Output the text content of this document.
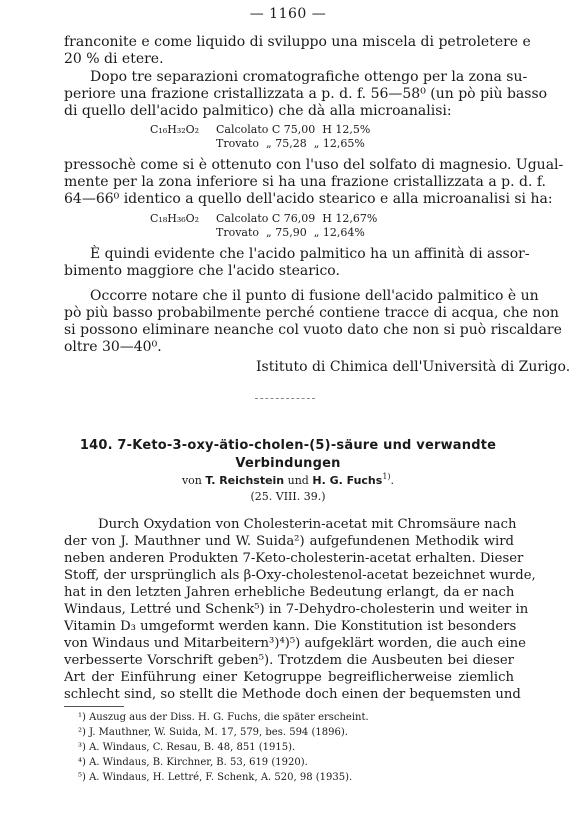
— 1160 —
franconite e come liquido di sviluppo una miscela di petroletere e
20 % di etere.
Dopo tre separazioni cromatografiche ottengo per la zona su-
periore una frazione cristallizzata a p. d. f. 56—58⁰ (un pò più basso
di quello dell'acido palmitico) che dà alla microanalisi:
C₁₆H₃₂O₂ Calcolato C 75,00  H 12,5%
Trovato  „ 75,28  „ 12,65%
pressochè come si è ottenuto con l'uso del solfato di magnesio. Ugual-
mente per la zona inferiore si ha una frazione cristallizzata a p. d. f.
64—66⁰ identico a quello dell'acido stearico e alla microanalisi si ha:
C₁₈H₃₆O₂ Calcolato C 76,09  H 12,67%
Trovato  „ 75,90  „ 12,64%
È quindi evidente che l'acido palmitico ha un affinità di assor-
bimento maggiore che l'acido stearico.
Occorre notare che il punto di fusione dell'acido palmitico è un
pò più basso probabilmente perché contiene tracce di acqua, che non
si possono eliminare neanche col vuoto dato che non si può riscaldare
oltre 30—40⁰.
Istituto di Chimica dell'Università di Zurigo.
140. 7-Keto-3-oxy-ätio-cholen-(5)-säure und verwandte
Verbindungen
von T. Reichstein und H. G. Fuchs$^{1)}$.
(25. VIII. 39.)
Durch Oxydation von Cholesterin-acetat mit Chromsäure nach
der von J. Mauthner und W. Suida²) aufgefundenen Methodik wird
neben anderen Produkten 7-Keto-cholesterin-acetat erhalten. Dieser
Stoff, der ursprünglich als β-Oxy-cholestenol-acetat bezeichnet wurde,
hat in den letzten Jahren erhebliche Bedeutung erlangt, da er nach
Windaus, Lettré und Schenk⁵) in 7-Dehydro-cholesterin und weiter in
Vitamin D₃ umgeformt werden kann. Die Konstitution ist besonders
von Windaus und Mitarbeitern³)⁴)⁵) aufgeklärt worden, die auch eine
verbesserte Vorschrift geben⁵). Trotzdem die Ausbeuten bei dieser
Art der Einführung einer Ketogruppe begreiflicherweise ziemlich
schlecht sind, so stellt die Methode doch einen der bequemsten und
¹) Auszug aus der Diss. H. G. Fuchs, die später erscheint.
²) J. Mauthner, W. Suida, M. 17, 579, bes. 594 (1896).
³) A. Windaus, C. Resau, B. 48, 851 (1915).
⁴) A. Windaus, B. Kirchner, B. 53, 619 (1920).
⁵) A. Windaus, H. Lettré, F. Schenk, A. 520, 98 (1935).
